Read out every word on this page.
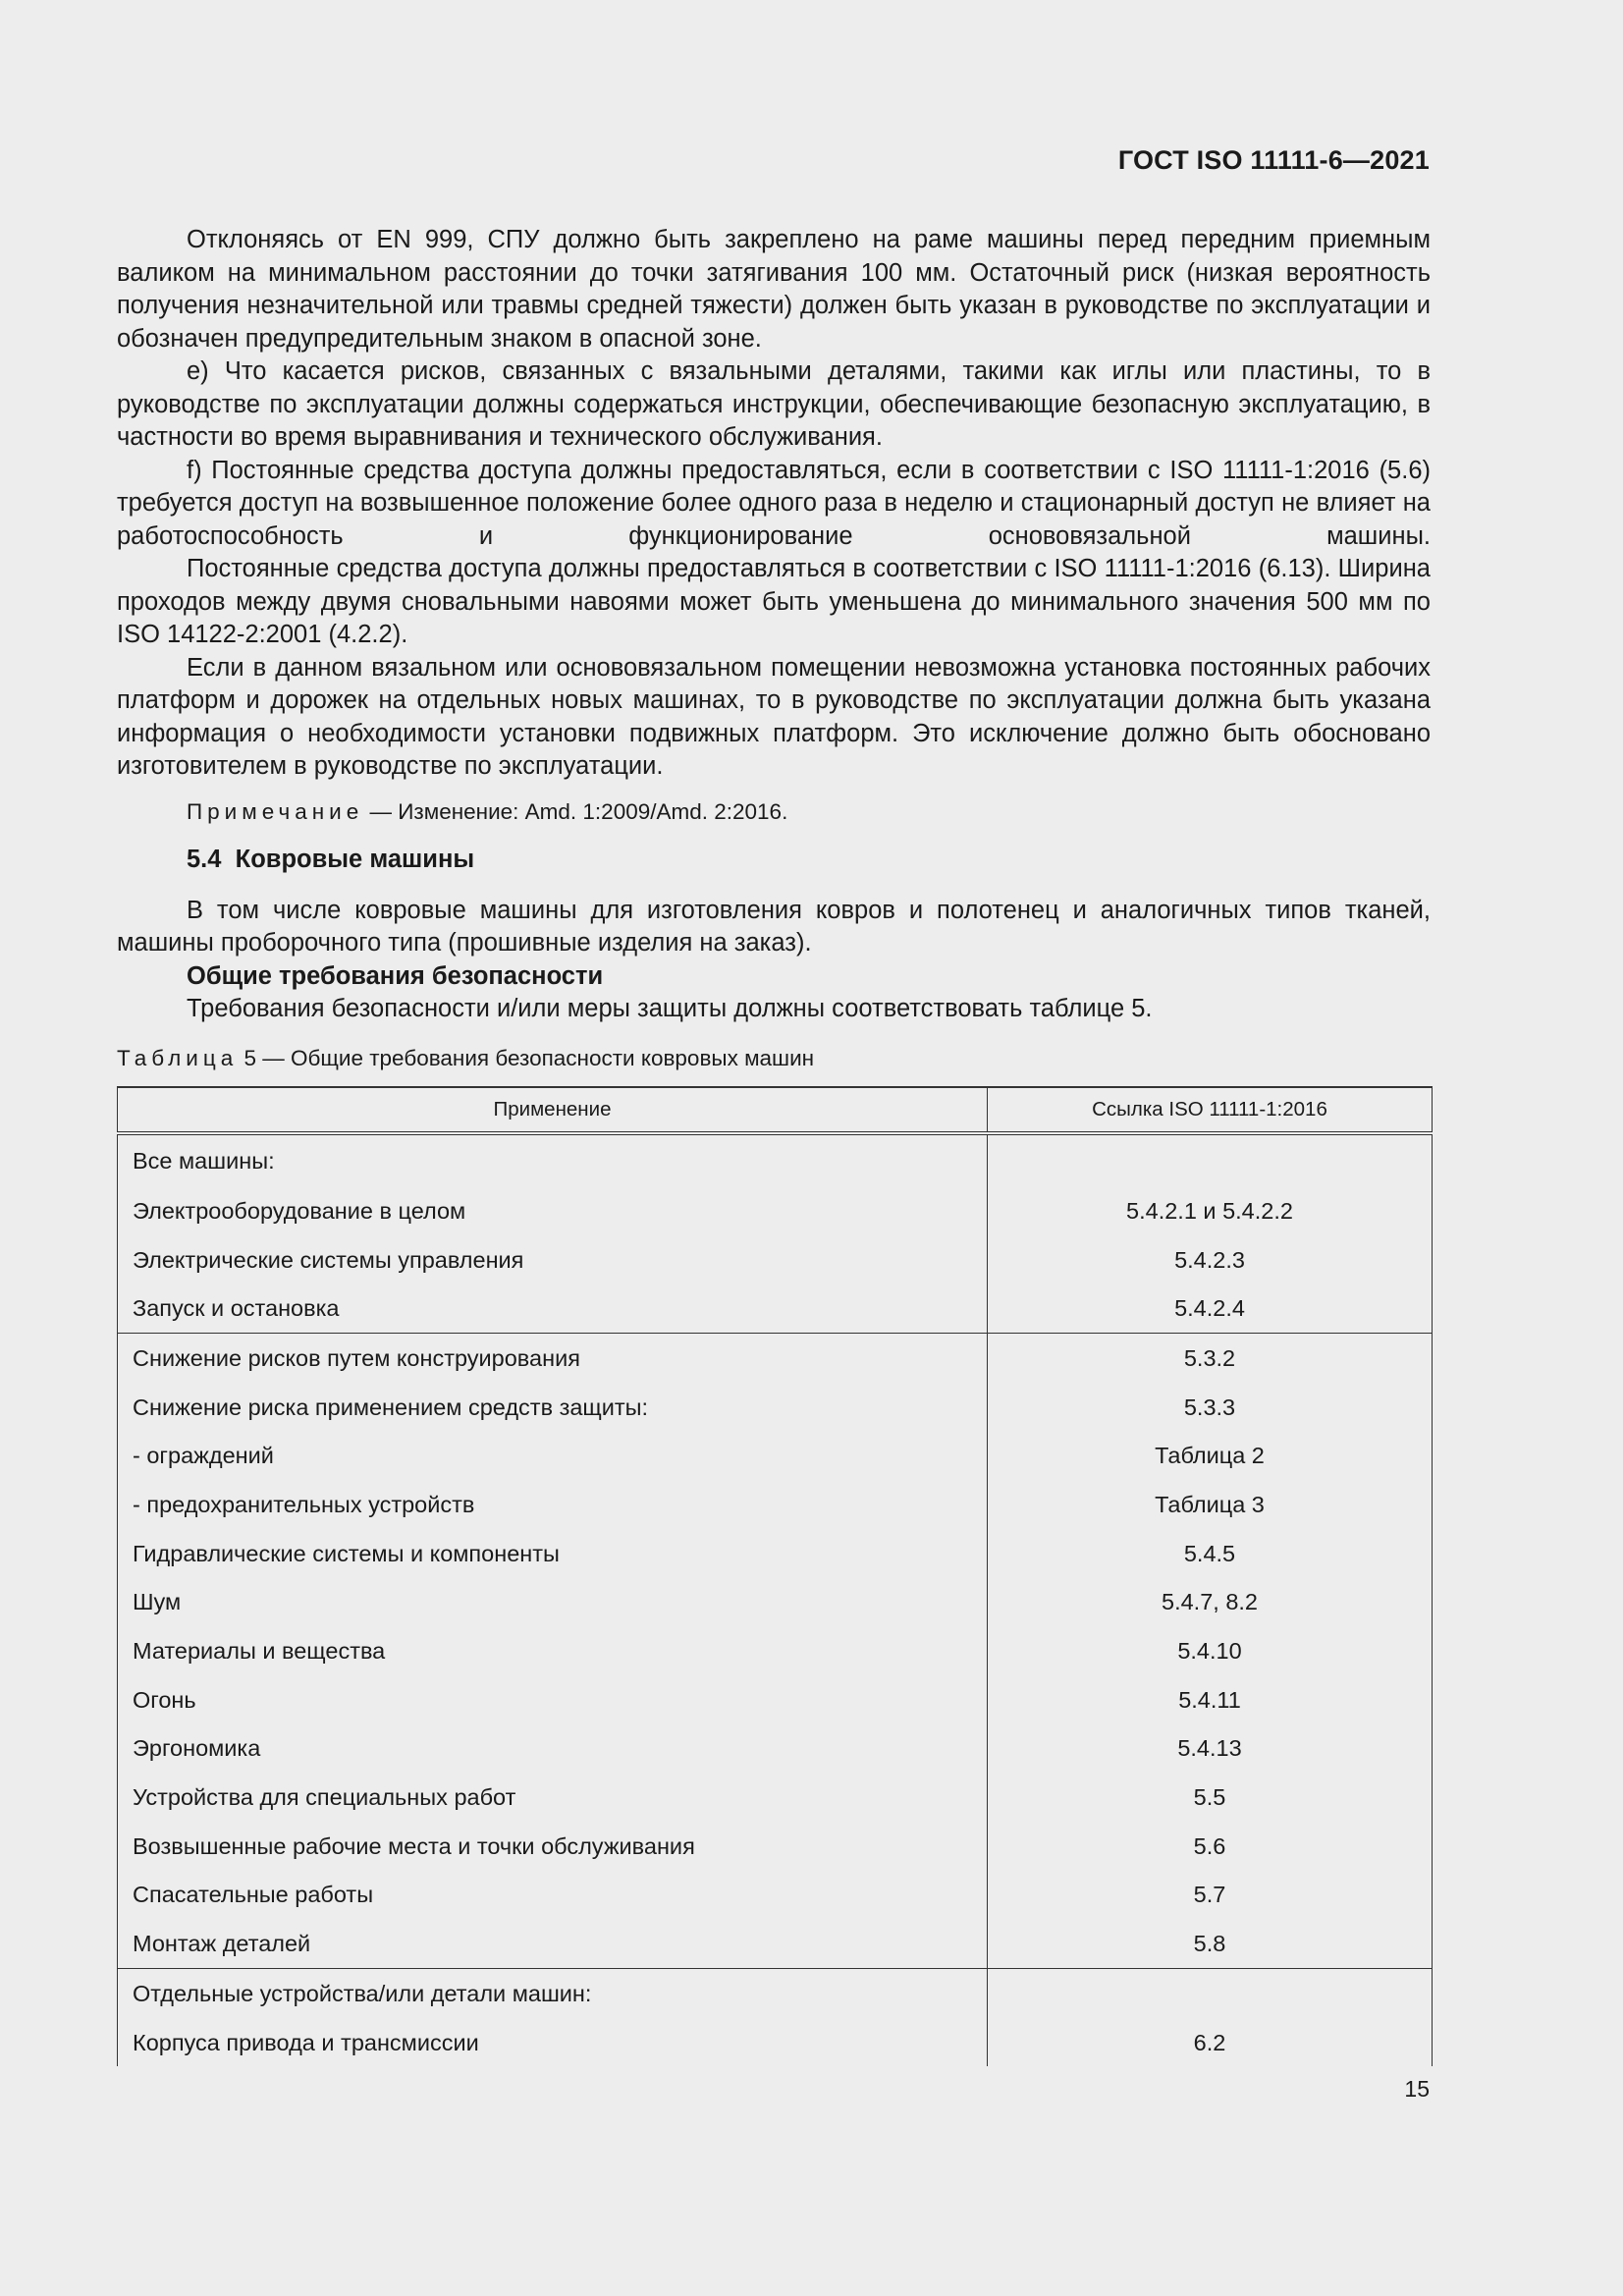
ГОСТ ISO 11111-6—2021

Отклоняясь от EN 999, СПУ должно быть закреплено на раме машины перед передним приемным валиком на минимальном расстоянии до точки затягивания 100 мм. Остаточный риск (низкая вероятность получения незначительной или травмы средней тяжести) должен быть указан в руководстве по эксплуатации и обозначен предупредительным знаком в опасной зоне.

e) Что касается рисков, связанных с вязальными деталями, такими как иглы или пластины, то в руководстве по эксплуатации должны содержаться инструкции, обеспечивающие безопасную эксплуатацию, в частности во время выравнивания и технического обслуживания.

f) Постоянные средства доступа должны предоставляться, если в соответствии с ISO 11111-1:2016 (5.6) требуется доступ на возвышенное положение более одного раза в неделю и стационарный доступ не влияет на работоспособность и функционирование основовязальной машины.

Постоянные средства доступа должны предоставляться в соответствии с ISO 11111-1:2016 (6.13). Ширина проходов между двумя сновальными навоями может быть уменьшена до минимального значения 500 мм по ISO 14122-2:2001 (4.2.2).

Если в данном вязальном или основовязальном помещении невозможна установка постоянных рабочих платформ и дорожек на отдельных новых машинах, то в руководстве по эксплуатации должна быть указана информация о необходимости установки подвижных платформ. Это исключение должно быть обосновано изготовителем в руководстве по эксплуатации.

Примечание — Изменение: Amd. 1:2009/Amd. 2:2016.

5.4 Ковровые машины

В том числе ковровые машины для изготовления ковров и полотенец и аналогичных типов тканей, машины проборочного типа (прошивные изделия на заказ).

Общие требования безопасности

Требования безопасности и/или меры защиты должны соответствовать таблице 5.

Таблица 5 — Общие требования безопасности ковровых машин

Применение	Ссылка ISO 11111-1:2016
Все машины:	
Электрооборудование в целом	5.4.2.1 и 5.4.2.2
Электрические системы управления	5.4.2.3
Запуск и остановка	5.4.2.4
Снижение рисков путем конструирования	5.3.2
Снижение риска применением средств защиты:	5.3.3
- ограждений	Таблица 2
- предохранительных устройств	Таблица 3
Гидравлические системы и компоненты	5.4.5
Шум	5.4.7, 8.2
Материалы и вещества	5.4.10
Огонь	5.4.11
Эргономика	5.4.13
Устройства для специальных работ	5.5
Возвышенные рабочие места и точки обслуживания	5.6
Спасательные работы	5.7
Монтаж деталей	5.8
Отдельные устройства/или детали машин:	
Корпуса привода и трансмиссии	6.2
15
